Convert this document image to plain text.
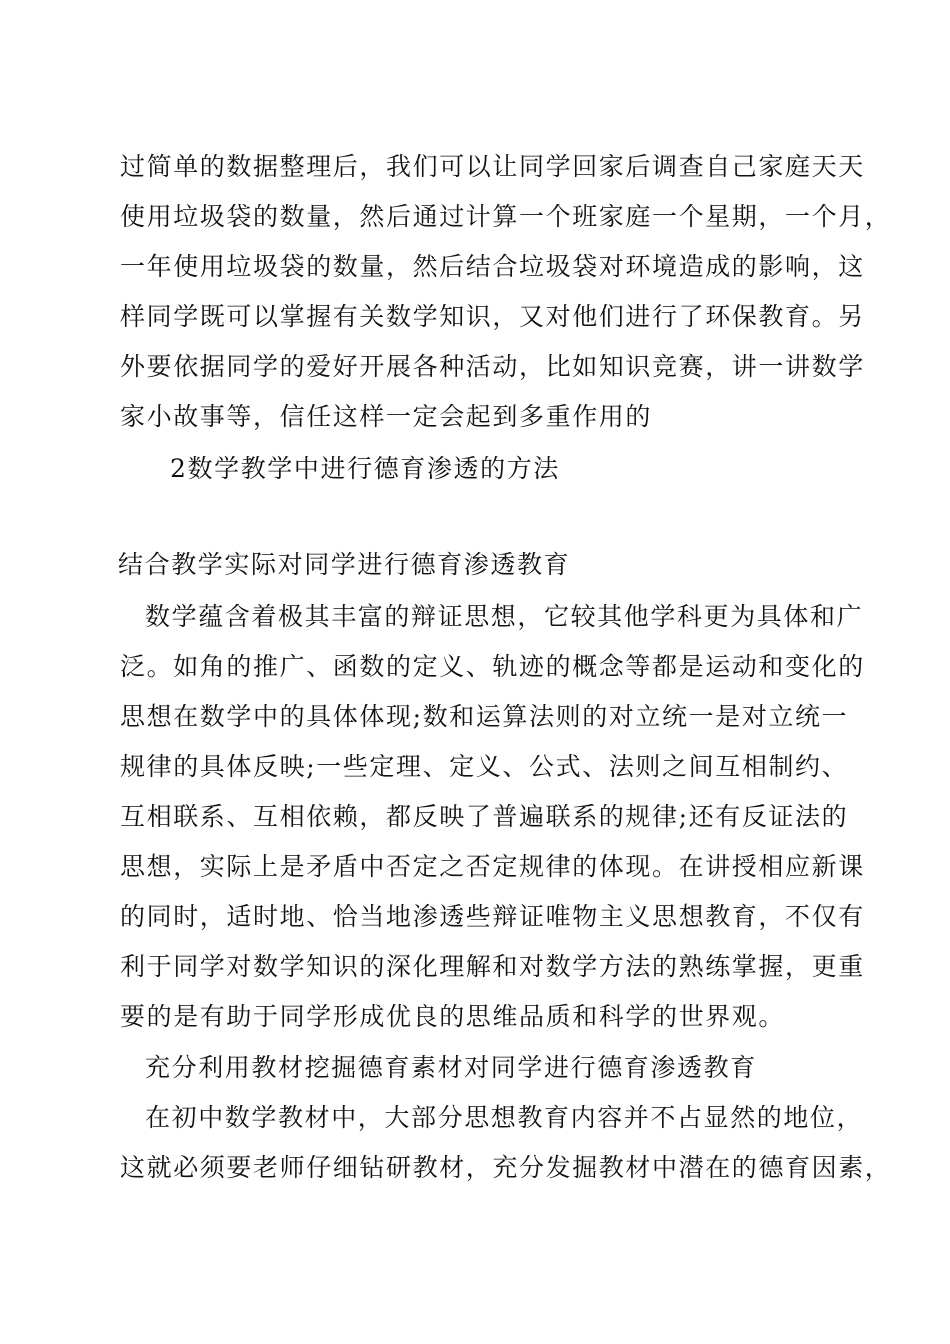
过简单的数据整理后，我们可以让同学回家后调查自己家庭天天
使用垃圾袋的数量，然后通过计算一个班家庭一个星期，一个月，
一年使用垃圾袋的数量，然后结合垃圾袋对环境造成的影响，这
样同学既可以掌握有关数学知识，又对他们进行了环保教育。另
外要依据同学的爱好开展各种活动，比如知识竞赛，讲一讲数学
家小故事等，信任这样一定会起到多重作用的
2数学教学中进行德育渗透的方法
结合教学实际对同学进行德育渗透教育
数学蕴含着极其丰富的辩证思想，它较其他学科更为具体和广
泛。如角的推广、函数的定义、轨迹的概念等都是运动和变化的
思想在数学中的具体体现;数和运算法则的对立统一是对立统一
规律的具体反映;一些定理、定义、公式、法则之间互相制约、
互相联系、互相依赖，都反映了普遍联系的规律;还有反证法的
思想，实际上是矛盾中否定之否定规律的体现。在讲授相应新课
的同时，适时地、恰当地渗透些辩证唯物主义思想教育，不仅有
利于同学对数学知识的深化理解和对数学方法的熟练掌握，更重
要的是有助于同学形成优良的思维品质和科学的世界观。
充分利用教材挖掘德育素材对同学进行德育渗透教育
在初中数学教材中，大部分思想教育内容并不占显然的地位，
这就必须要老师仔细钻研教材，充分发掘教材中潜在的德育因素，
